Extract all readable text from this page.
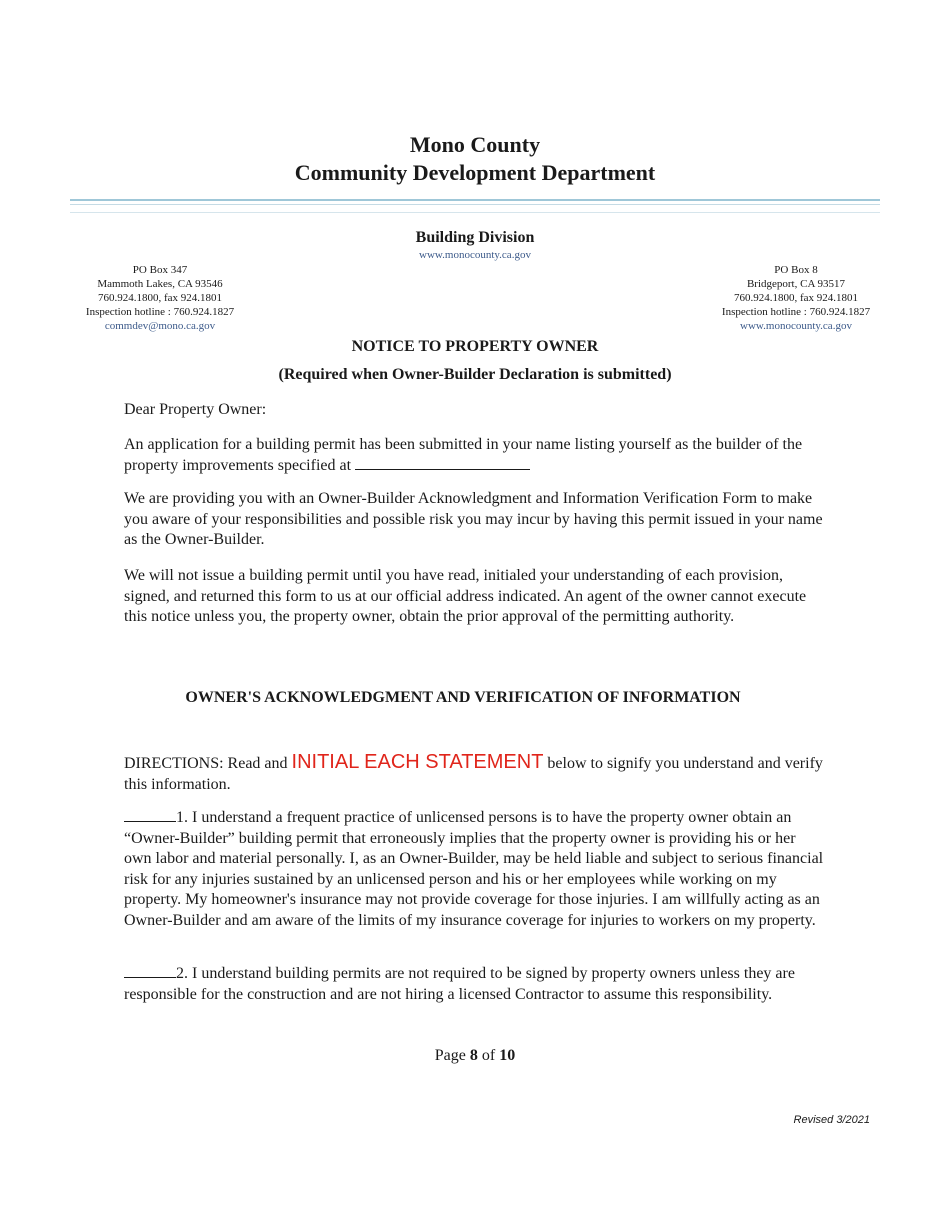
Mono County
Community Development Department
Building Division
www.monocounty.ca.gov
PO Box 347
Mammoth Lakes, CA 93546
760.924.1800, fax 924.1801
Inspection hotline : 760.924.1827
commdev@mono.ca.gov
PO Box 8
Bridgeport, CA 93517
760.924.1800, fax 924.1801
Inspection hotline : 760.924.1827
www.monocounty.ca.gov
NOTICE TO PROPERTY OWNER
(Required when Owner-Builder Declaration is submitted)
Dear Property Owner:
An application for a building permit has been submitted in your name listing yourself as the builder of the property improvements specified at
We are providing you with an Owner-Builder Acknowledgment and Information Verification Form to make you aware of your responsibilities and possible risk you may incur by having this permit issued in your name as the Owner-Builder.
We will not issue a building permit until you have read, initialed your understanding of each provision, signed, and returned this form to us at our official address indicated. An agent of the owner cannot execute this notice unless you, the property owner, obtain the prior approval of the permitting authority.
OWNER'S ACKNOWLEDGMENT AND VERIFICATION OF INFORMATION
DIRECTIONS: Read and INITIAL EACH STATEMENT below to signify you understand and verify this information.
1. I understand a frequent practice of unlicensed persons is to have the property owner obtain an “Owner-Builder” building permit that erroneously implies that the property owner is providing his or her own labor and material personally. I, as an Owner-Builder, may be held liable and subject to serious financial risk for any injuries sustained by an unlicensed person and his or her employees while working on my property. My homeowner's insurance may not provide coverage for those injuries. I am willfully acting as an Owner-Builder and am aware of the limits of my insurance coverage for injuries to workers on my property.
2. I understand building permits are not required to be signed by property owners unless they are responsible for the construction and are not hiring a licensed Contractor to assume this responsibility.
Page 8 of 10
Revised 3/2021
